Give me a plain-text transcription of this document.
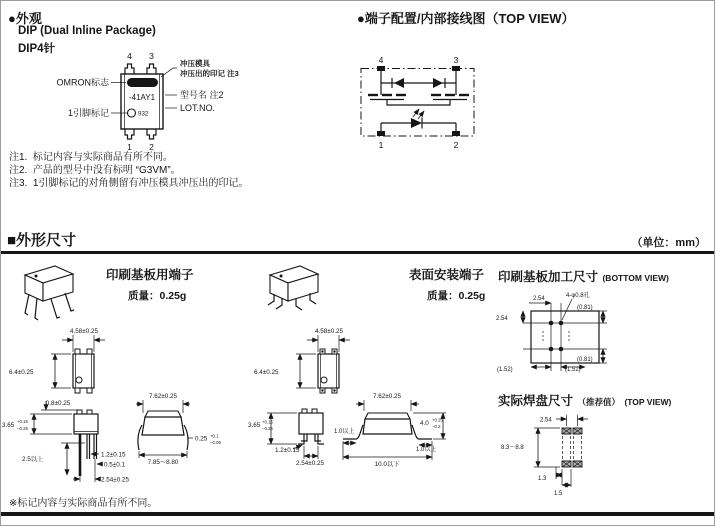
●外观
DIP (Dual Inline Package)
DIP4针
4 3
1 2
OMRON
-41AY1
932
OMRON标志
1引脚标记
冲压模具
冲压出的印记 注3
型号名 注2
LOT.NO.
注1. 标记内容与实际商品有所不同。
注2. 产品的型号中没有标明 “G3VM”。
注3. 1引脚标记的对角侧留有冲压模具冲压出的印记。
●端子配置/内部接线图（TOP VIEW）
4	3
1	2
■外形尺寸	（单位：mm）
印刷基板用端子
质量：0.25g
4.58±0.25
6.4±0.25
0.8±0.25
3.65
+0.15
−0.25
2.5以上
1.2±0.15
0.5±0.1
2.54±0.25
7.62±0.25
0.25 +0.1
−0.05
7.85～8.80
表面安装端子
质量：0.25g
4.58±0.25
6.4±0.25
3.65 +0.15
−0.25
1.2±0.15
2.54±0.25
7.62±0.25
1.0以上
4.0 +0.25
−0.2
1.0以上
10.0以下
印刷基板加工尺寸 (BOTTOM VIEW)
2.54	4-φ0.8孔
(0.81)
2.54
(0.81)
(1.52)	(1.52)
实际焊盘尺寸 （推荐值） (TOP VIEW)
2.54
8.3～8.8
1.3
1.5
※标记内容与实际商品有所不同。
